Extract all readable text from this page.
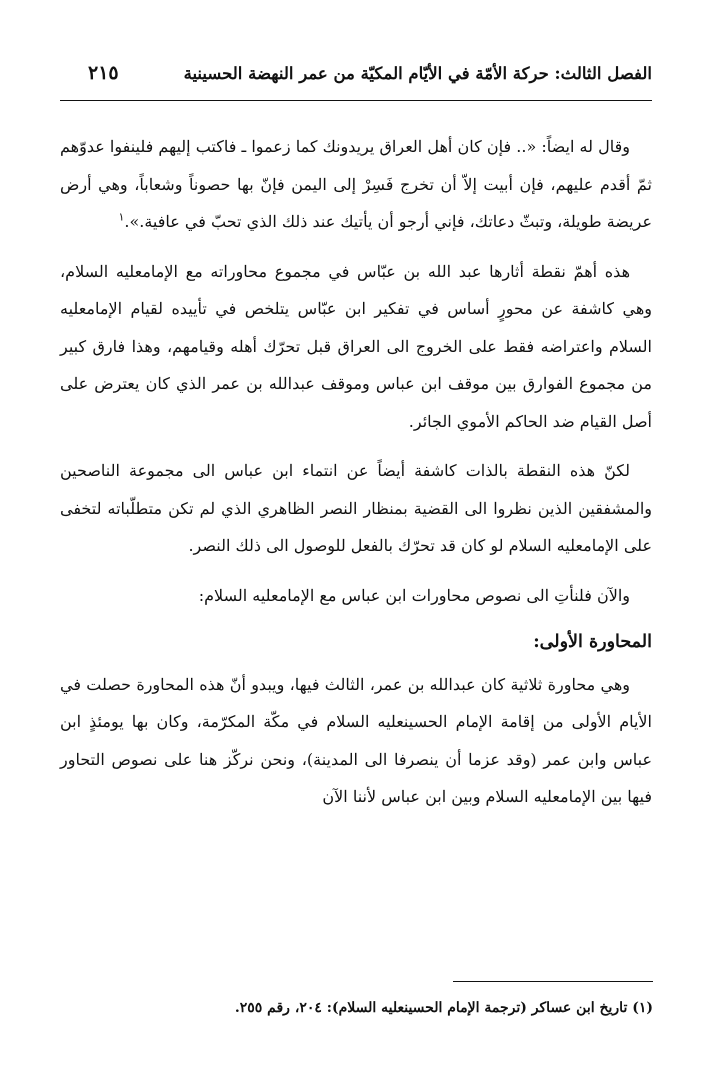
الفصل الثالث: حركة الأمّة في الأيّام المكيّة من عمر النهضة الحسينية
٢١٥

وقال له ايضاً: «.. فإن كان أهل العراق يريدونك كما زعموا ـ فاكتب إليهم فلينفوا عدوّهم ثمّ أقدم عليهم، فإن أبيت إلاّ أن تخرج فَسِرْ إلى اليمن فإنّ بها حصوناً وشعاباً، وهي أرض عريضة طويلة، وتبثّ دعاتك، فإني أرجو أن يأتيك عند ذلك الذي تحبّ في عافية.».$^١$

هذه أهمّ نقطة أثارها عبد الله بن عبّاس في مجموع محاوراته مع الإمامعليه السلام، وهي كاشفة عن محورٍ أساس في تفكير ابن عبّاس يتلخص في تأييده لقيام الإمامعليه السلام واعتراضه فقط على الخروج الى العراق قبل تحرّك أهله وقيامهم، وهذا فارق كبير من مجموع الفوارق بين موقف ابن عباس وموقف عبدالله بن عمر الذي كان يعترض على أصل القيام ضد الحاكم الأموي الجائر.

لكنّ هذه النقطة بالذات كاشفة أيضاً عن انتماء ابن عباس الى مجموعة الناصحين والمشفقين الذين نظروا الى القضية بمنظار النصر الظاهري الذي لم تكن متطلّباته لتخفى على الإمامعليه السلام لو كان قد تحرّك بالفعل للوصول الى ذلك النصر.

والآن فلنأتِ الى نصوص محاورات ابن عباس مع الإمامعليه السلام:

المحاورة الأولى:

وهي محاورة ثلاثية كان عبدالله بن عمر، الثالث فيها، ويبدو أنّ هذه المحاورة حصلت في الأيام الأولى من إقامة الإمام الحسينعليه السلام في مكّة المكرّمة، وكان بها يومئذٍ ابن عباس وابن عمر (وقد عزما أن ينصرفا الى المدينة)، ونحن نركّز هنا على نصوص التحاور فيها بين الإمامعليه السلام وبين ابن عباس لأننا الآن

(١) تاريخ ابن عساكر (ترجمة الإمام الحسينعليه السلام): ٢٠٤، رقم ٢٥٥.
